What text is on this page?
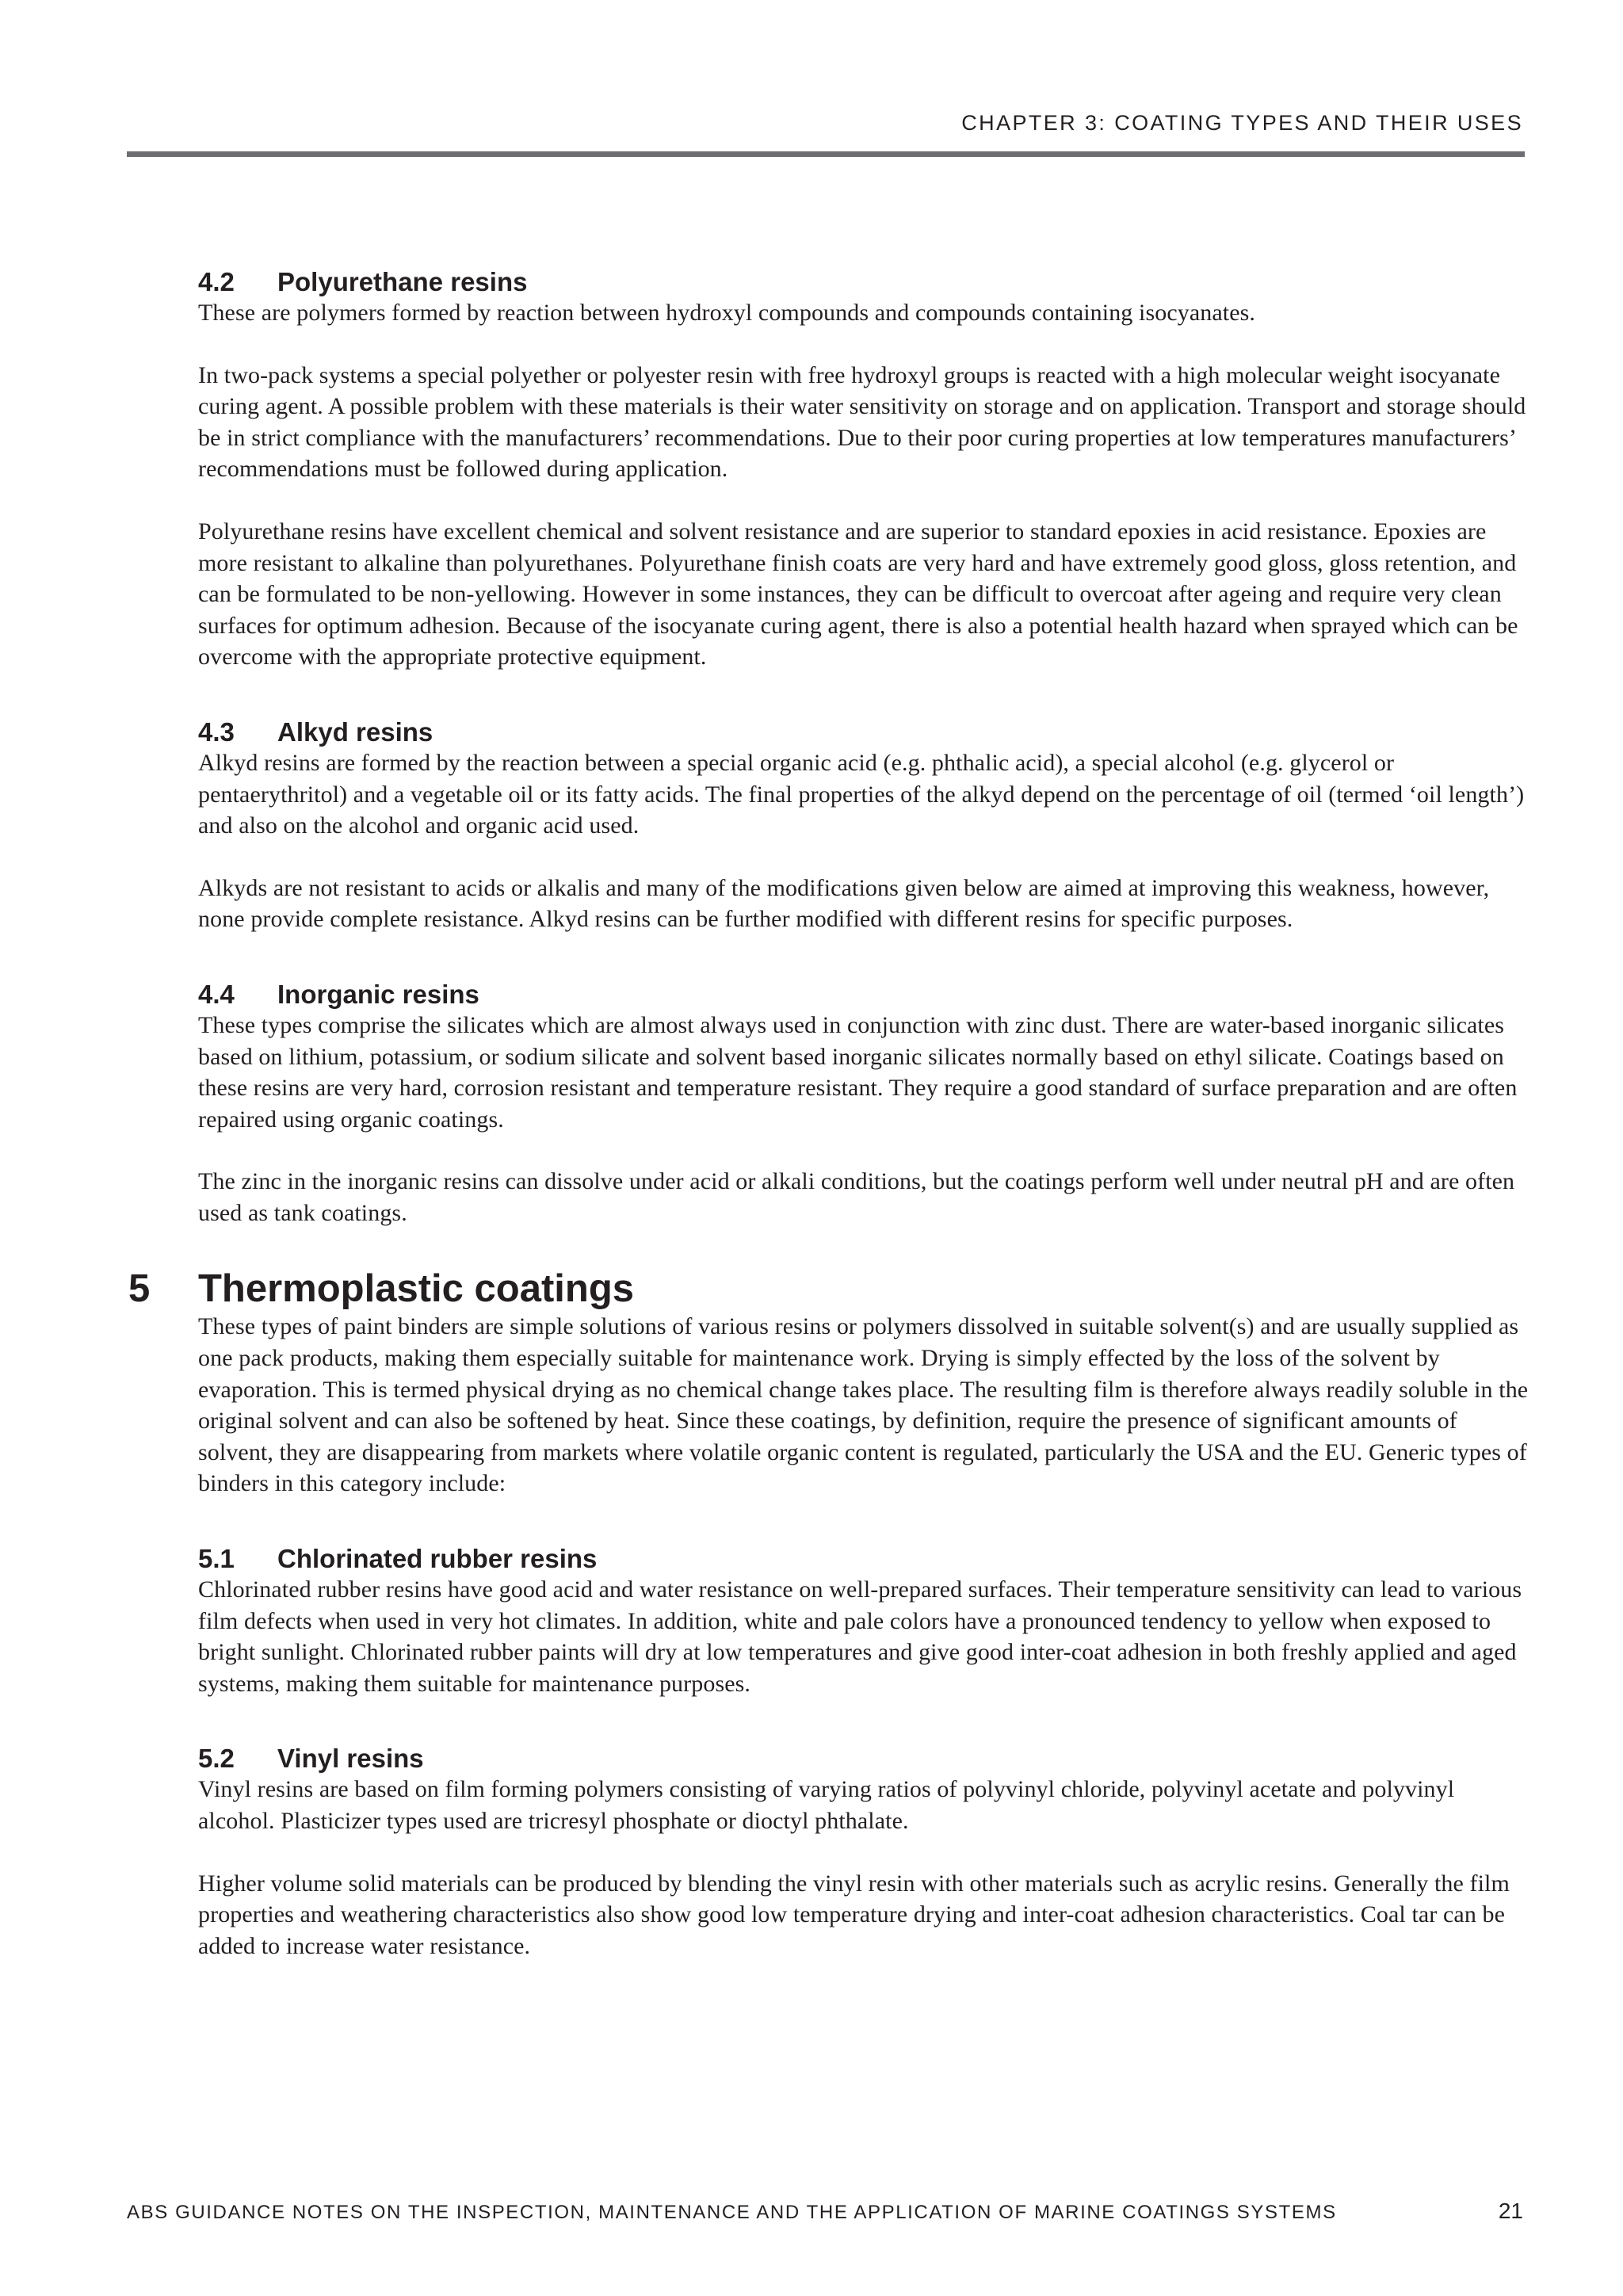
CHAPTER 3: COATING TYPES AND THEIR USES
4.2 Polyurethane resins

These are polymers formed by reaction between hydroxyl compounds and compounds containing isocyanates.

In two-pack systems a special polyether or polyester resin with free hydroxyl groups is reacted with a high molecular weight isocyanate curing agent. A possible problem with these materials is their water sensitivity on storage and on application. Transport and storage should be in strict compliance with the manufacturers’ recommendations. Due to their poor curing properties at low temperatures manufacturers’ recommendations must be followed during application.

Polyurethane resins have excellent chemical and solvent resistance and are superior to standard epoxies in acid resistance. Epoxies are more resistant to alkaline than polyurethanes. Polyurethane finish coats are very hard and have extremely good gloss, gloss retention, and can be formulated to be non-yellowing. However in some instances, they can be difficult to overcoat after ageing and require very clean surfaces for optimum adhesion. Because of the isocyanate curing agent, there is also a potential health hazard when sprayed which can be overcome with the appropriate protective equipment.

4.3 Alkyd resins

Alkyd resins are formed by the reaction between a special organic acid (e.g. phthalic acid), a special alcohol (e.g. glycerol or pentaerythritol) and a vegetable oil or its fatty acids. The final properties of the alkyd depend on the percentage of oil (termed ‘oil length’) and also on the alcohol and organic acid used.

Alkyds are not resistant to acids or alkalis and many of the modifications given below are aimed at improving this weakness, however, none provide complete resistance. Alkyd resins can be further modified with different resins for specific purposes.

4.4 Inorganic resins

These types comprise the silicates which are almost always used in conjunction with zinc dust. There are water-based inorganic silicates based on lithium, potassium, or sodium silicate and solvent based inorganic silicates normally based on ethyl silicate. Coatings based on these resins are very hard, corrosion resistant and temperature resistant. They require a good standard of surface preparation and are often repaired using organic coatings.

The zinc in the inorganic resins can dissolve under acid or alkali conditions, but the coatings perform well under neutral pH and are often used as tank coatings.

5 Thermoplastic coatings

These types of paint binders are simple solutions of various resins or polymers dissolved in suitable solvent(s) and are usually supplied as one pack products, making them especially suitable for maintenance work. Drying is simply effected by the loss of the solvent by evaporation. This is termed physical drying as no chemical change takes place. The resulting film is therefore always readily soluble in the original solvent and can also be softened by heat. Since these coatings, by definition, require the presence of significant amounts of solvent, they are disappearing from markets where volatile organic content is regulated, particularly the USA and the EU. Generic types of binders in this category include:

5.1 Chlorinated rubber resins

Chlorinated rubber resins have good acid and water resistance on well-prepared surfaces. Their temperature sensitivity can lead to various film defects when used in very hot climates. In addition, white and pale colors have a pronounced tendency to yellow when exposed to bright sunlight. Chlorinated rubber paints will dry at low temperatures and give good inter-coat adhesion in both freshly applied and aged systems, making them suitable for maintenance purposes.

5.2 Vinyl resins

Vinyl resins are based on film forming polymers consisting of varying ratios of polyvinyl chloride, polyvinyl acetate and polyvinyl alcohol. Plasticizer types used are tricresyl phosphate or dioctyl phthalate.

Higher volume solid materials can be produced by blending the vinyl resin with other materials such as acrylic resins. Generally the film properties and weathering characteristics also show good low temperature drying and inter-coat adhesion characteristics. Coal tar can be added to increase water resistance.

ABS GUIDANCE NOTES ON THE INSPECTION, MAINTENANCE AND THE APPLICATION OF MARINE COATINGS SYSTEMS	21
